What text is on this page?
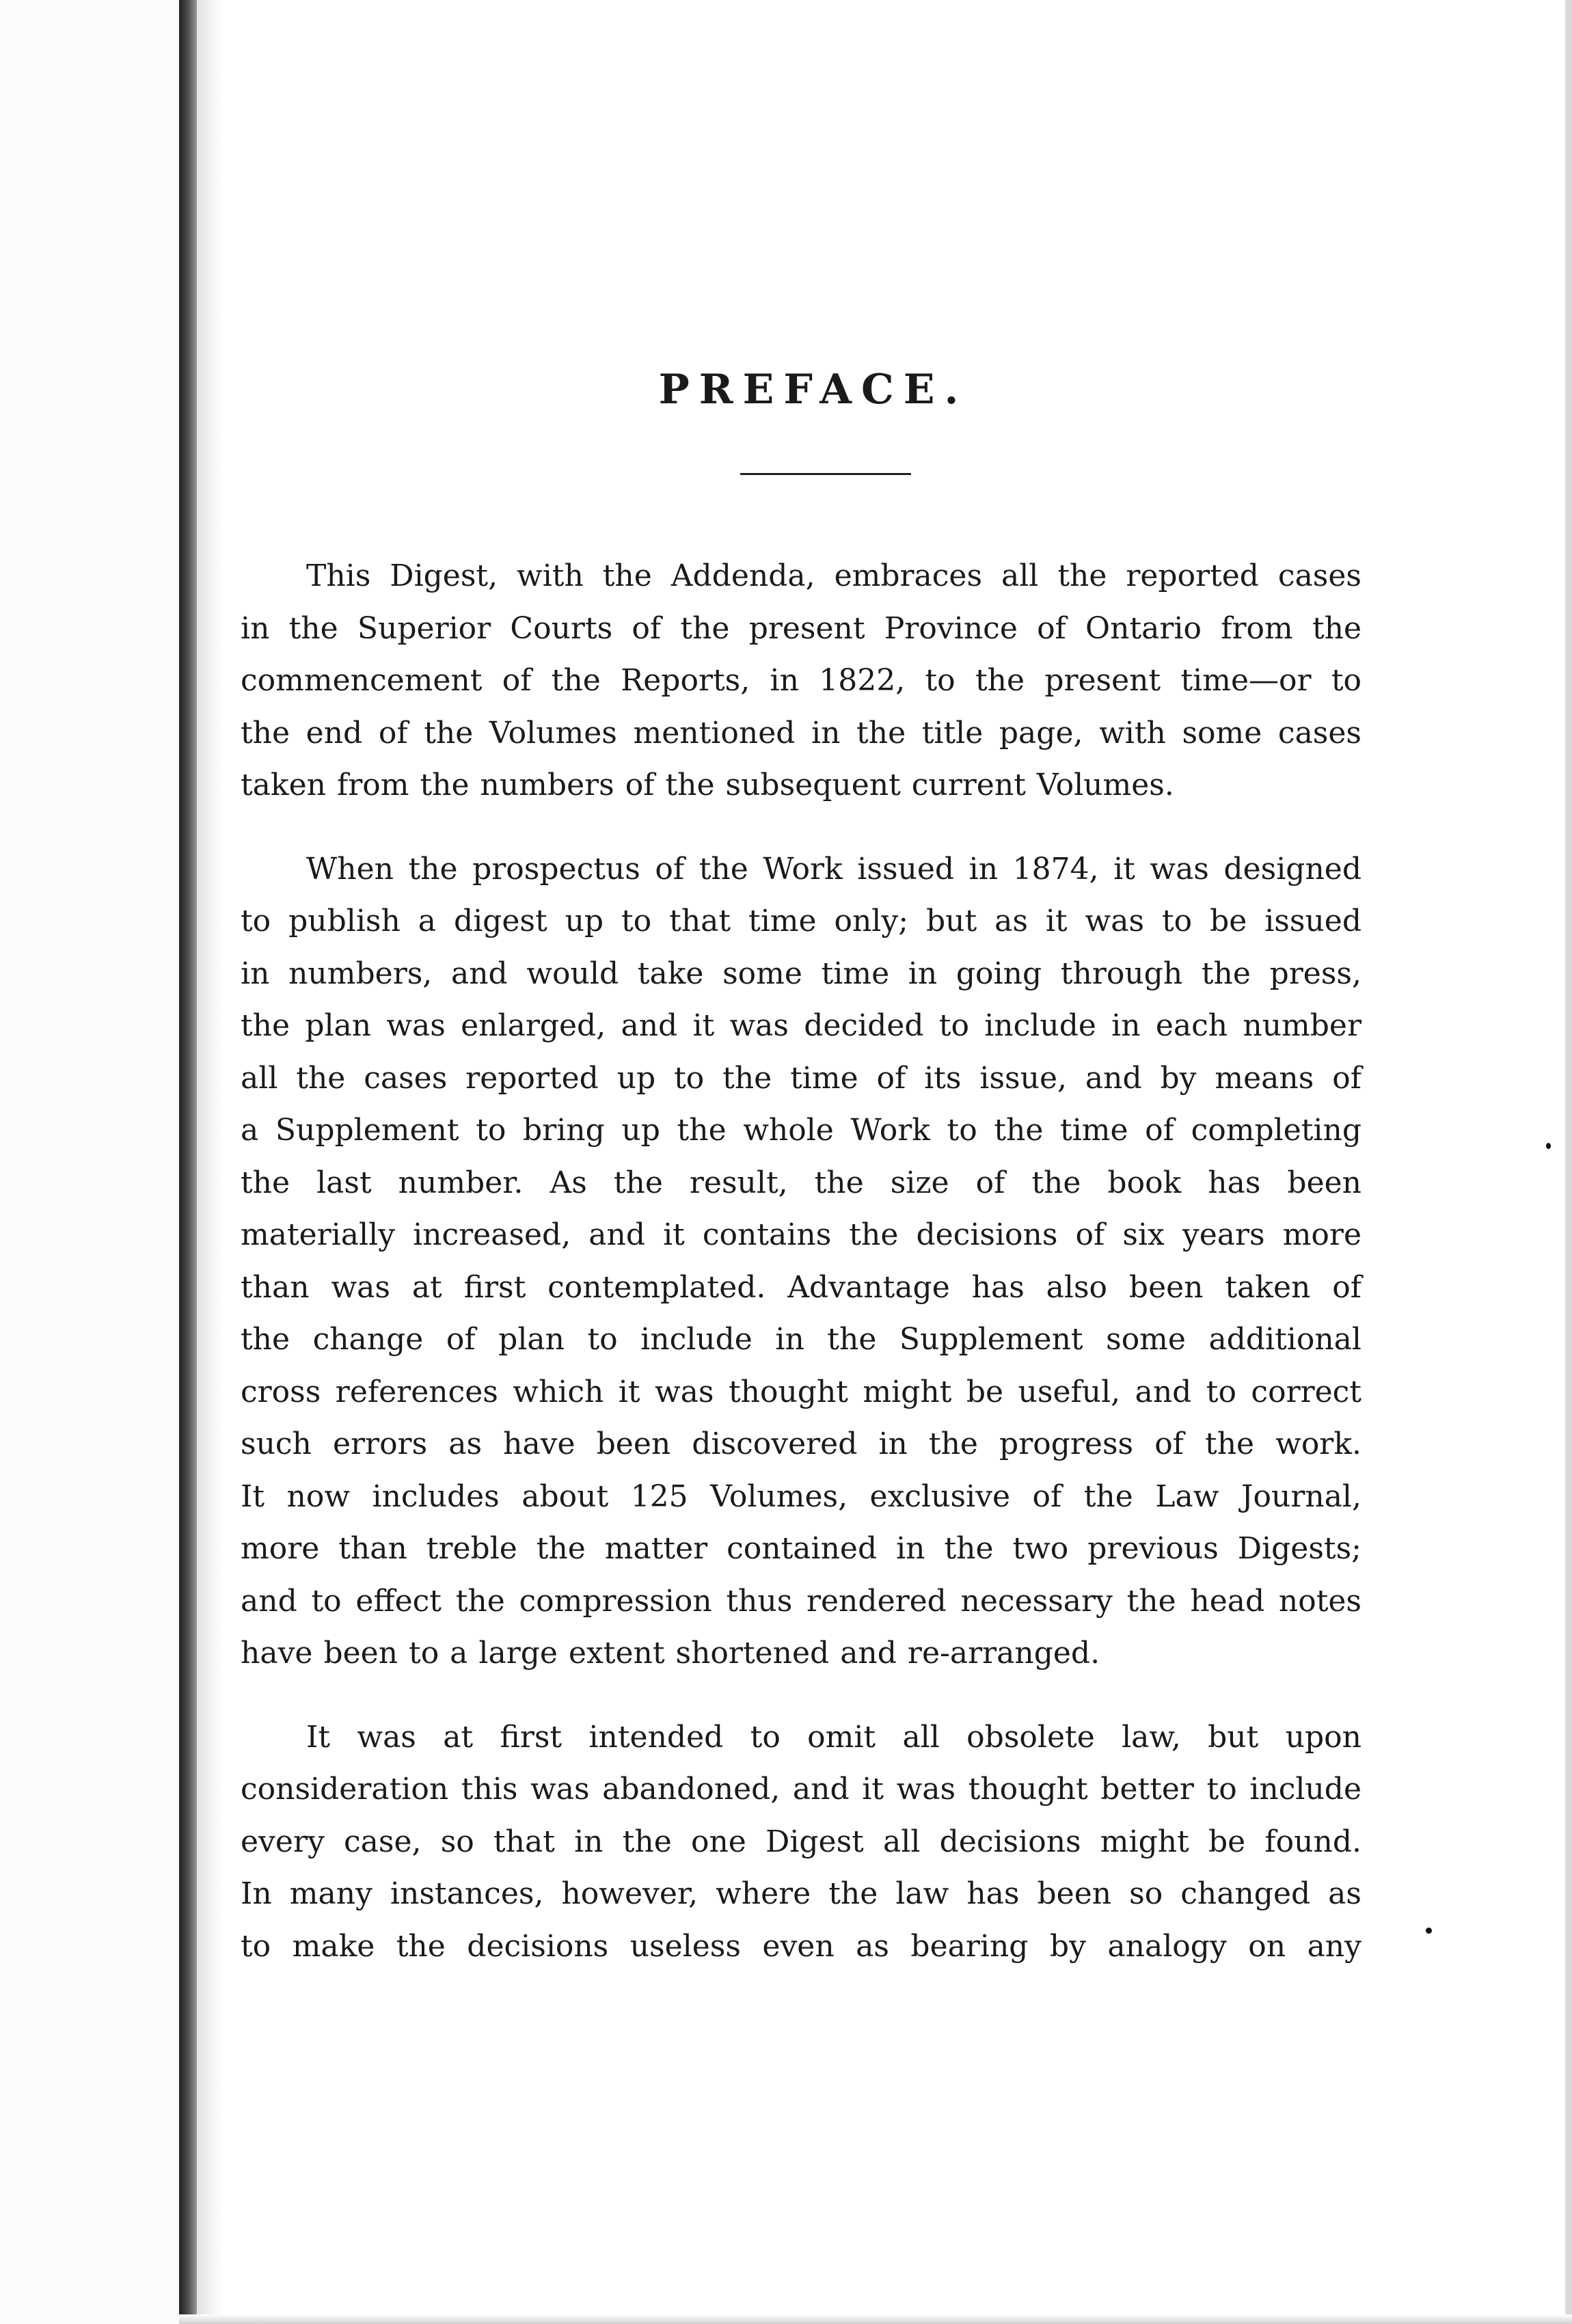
PREFACE.

This Digest, with the Addenda, embraces all the reported cases
in the Superior Courts of the present Province of Ontario from the
commencement of the Reports, in 1822, to the present time—or to
the end of the Volumes mentioned in the title page, with some cases
taken from the numbers of the subsequent current Volumes.

When the prospectus of the Work issued in 1874, it was designed
to publish a digest up to that time only; but as it was to be issued
in numbers, and would take some time in going through the press,
the plan was enlarged, and it was decided to include in each number
all the cases reported up to the time of its issue, and by means of
a Supplement to bring up the whole Work to the time of completing
the last number. As the result, the size of the book has been
materially increased, and it contains the decisions of six years more
than was at first contemplated. Advantage has also been taken of
the change of plan to include in the Supplement some additional
cross references which it was thought might be useful, and to correct
such errors as have been discovered in the progress of the work.
It now includes about 125 Volumes, exclusive of the Law Journal,
more than treble the matter contained in the two previous Digests;
and to effect the compression thus rendered necessary the head notes
have been to a large extent shortened and re-arranged.

It was at first intended to omit all obsolete law, but upon
consideration this was abandoned, and it was thought better to include
every case, so that in the one Digest all decisions might be found.
In many instances, however, where the law has been so changed as
to make the decisions useless even as bearing by analogy on any
